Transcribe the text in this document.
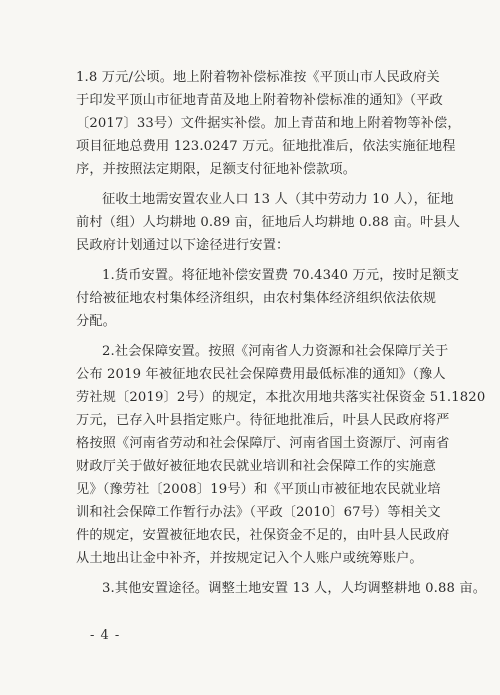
1.8 万元/公顷。地上附着物补偿标准按《平顶山市人民政府关
于印发平顶山市征地青苗及地上附着物补偿标准的通知》（平政
〔2017〕33号）文件据实补偿。加上青苗和地上附着物等补偿，
项目征地总费用 123.0247 万元。征地批准后，依法实施征地程
序，并按照法定期限，足额支付征地补偿款项。
征收土地需安置农业人口 13 人（其中劳动力 10 人），征地
前村（组）人均耕地 0.89 亩，征地后人均耕地 0.88 亩。叶县人
民政府计划通过以下途径进行安置：
1.货币安置。将征地补偿安置费 70.4340 万元，按时足额支
付给被征地农村集体经济组织，由农村集体经济组织依法依规
分配。
2.社会保障安置。按照《河南省人力资源和社会保障厅关于
公布 2019 年被征地农民社会保障费用最低标准的通知》（豫人
劳社规〔2019〕2号）的规定，本批次用地共落实社保资金 51.1820
万元，已存入叶县指定账户。待征地批准后，叶县人民政府将严
格按照《河南省劳动和社会保障厅、河南省国土资源厅、河南省
财政厅关于做好被征地农民就业培训和社会保障工作的实施意
见》（豫劳社〔2008〕19号）和《平顶山市被征地农民就业培
训和社会保障工作暂行办法》（平政〔2010〕67号）等相关文
件的规定，安置被征地农民，社保资金不足的，由叶县人民政府
从土地出让金中补齐，并按规定记入个人账户或统筹账户。
3.其他安置途径。调整土地安置 13 人，人均调整耕地 0.88 亩。
- 4 -
